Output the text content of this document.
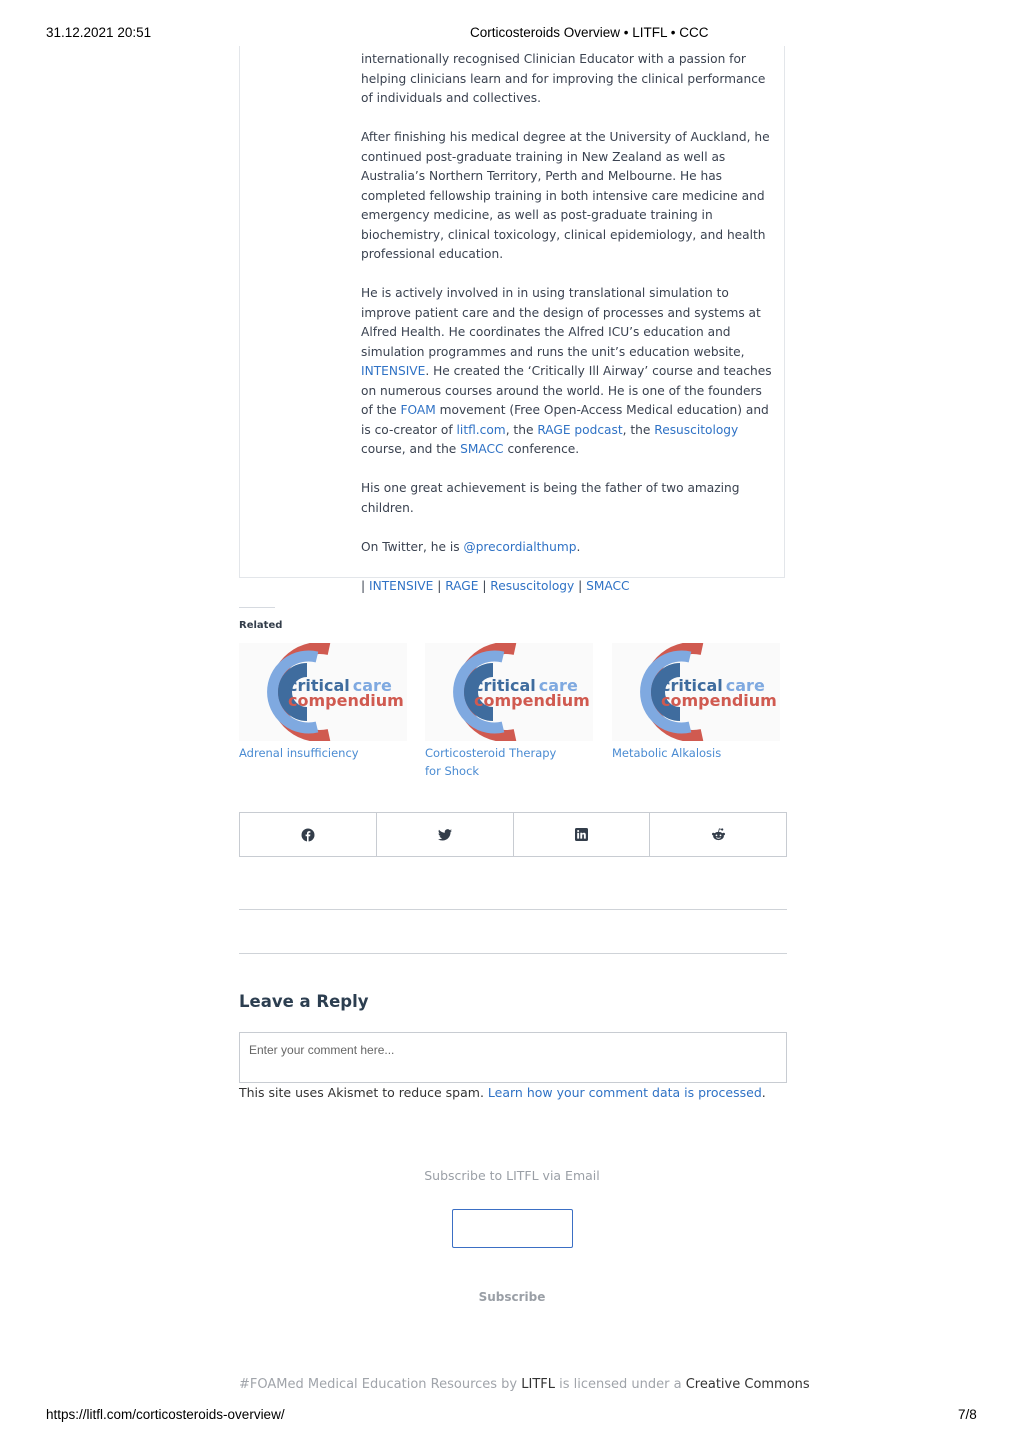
31.12.2021 20:51	Corticosteroids Overview • LITFL • CCC

internationally recognised Clinician Educator with a passion for helping clinicians learn and for improving the clinical performance of individuals and collectives.

After finishing his medical degree at the University of Auckland, he continued post-graduate training in New Zealand as well as Australia’s Northern Territory, Perth and Melbourne. He has completed fellowship training in both intensive care medicine and emergency medicine, as well as post-graduate training in biochemistry, clinical toxicology, clinical epidemiology, and health professional education.

He is actively involved in in using translational simulation to improve patient care and the design of processes and systems at Alfred Health. He coordinates the Alfred ICU’s education and simulation programmes and runs the unit’s education website, INTENSIVE. He created the ‘Critically Ill Airway’ course and teaches on numerous courses around the world. He is one of the founders of the FOAM movement (Free Open-Access Medical education) and is co-creator of litfl.com, the RAGE podcast, the Resuscitology course, and the SMACC conference.

His one great achievement is being the father of two amazing children.

On Twitter, he is @precordialthump.

| INTENSIVE | RAGE | Resuscitology | SMACC

Related
critical care
compendium
Adrenal insufficiency
critical care
compendium
Corticosteroid Therapy for Shock
critical care
compendium
Metabolic Alkalosis
Leave a Reply
Enter your comment here...
This site uses Akismet to reduce spam. Learn how your comment data is processed.
Subscribe to LITFL via Email
Subscribe
#FOAMed Medical Education Resources by LITFL is licensed under a Creative Commons
https://litfl.com/corticosteroids-overview/	7/8
